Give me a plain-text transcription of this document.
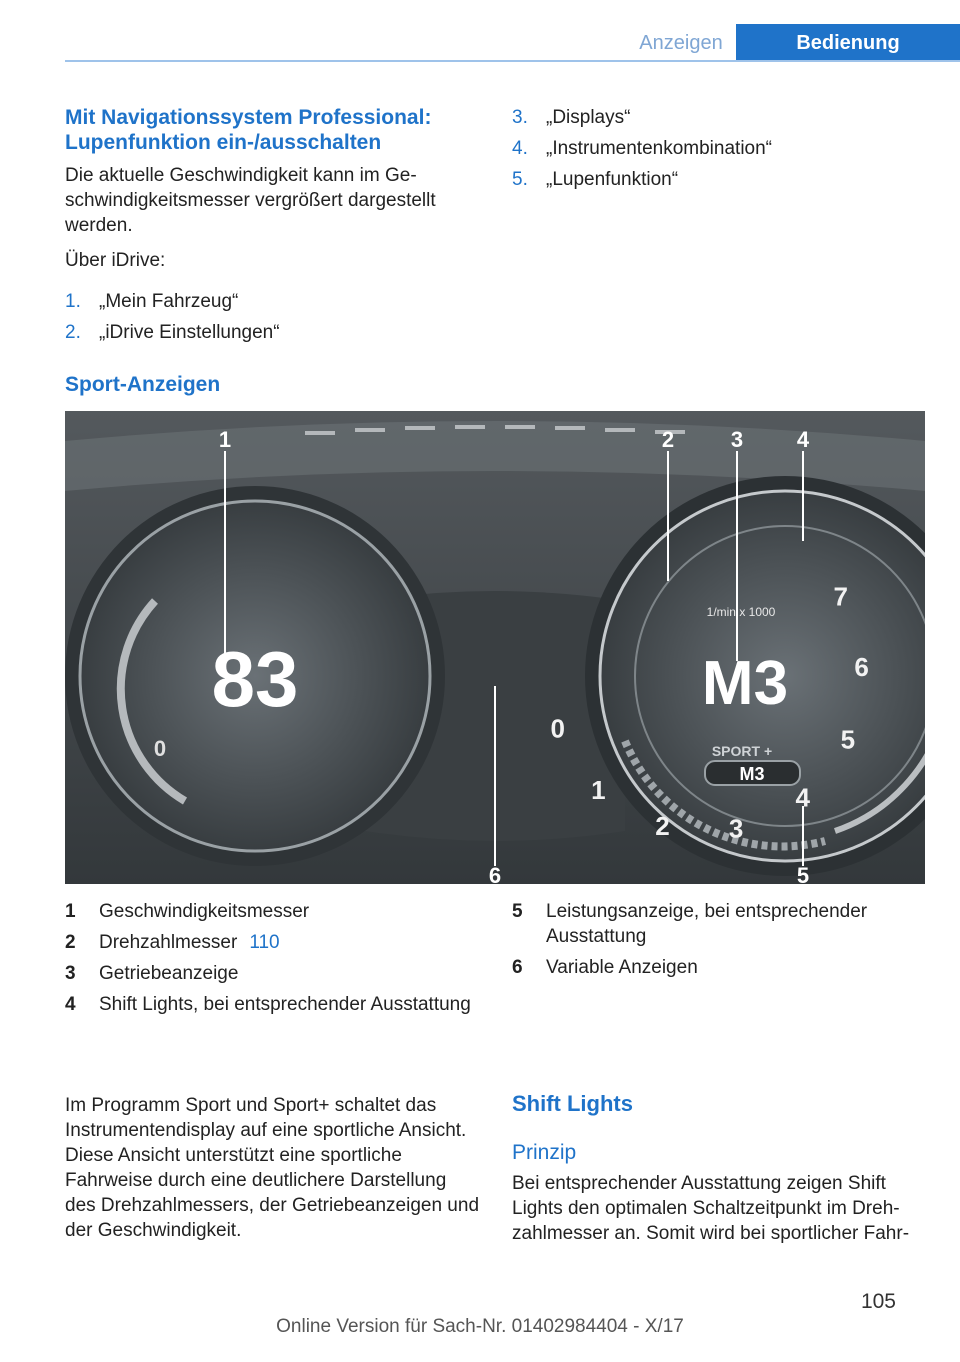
Anzeigen	Bedienung
Mit Navigationssystem Professional: Lupenfunktion ein-/ausschalten

Die aktuelle Geschwindigkeit kann im Geschwindigkeitsmesser vergrößert dargestellt werden.

Über iDrive:

1. „Mein Fahrzeug“
2. „iDrive Einstellungen“
3. „Displays“
4. „Instrumentenkombination“
5. „Lupenfunktion“
Sport-Anzeigen
83
0
M3
1/min x 1000
SPORT +
M3
0
1
2 3
4
5
6
7
1	2	3 4
5
6
1 Geschwindigkeitsmesser
2 Drehzahlmesser 110
3 Getriebeanzeige
4 Shift Lights, bei entsprechender Ausstattung
5 Leistungsanzeige, bei entsprechender Ausstattung
6 Variable Anzeigen

Im Programm Sport und Sport+ schaltet das Instrumentendisplay auf eine sportliche Ansicht. Diese Ansicht unterstützt eine sportliche Fahrweise durch eine deutlichere Darstellung des Drehzahlmessers, der Getriebeanzeigen und der Geschwindigkeit.

Shift Lights
Prinzip

Bei entsprechender Ausstattung zeigen Shift Lights den optimalen Schaltzeitpunkt im Drehzahlmesser an. Somit wird bei sportlicher Fahr-

105
Online Version für Sach-Nr. 01402984404 - X/17
